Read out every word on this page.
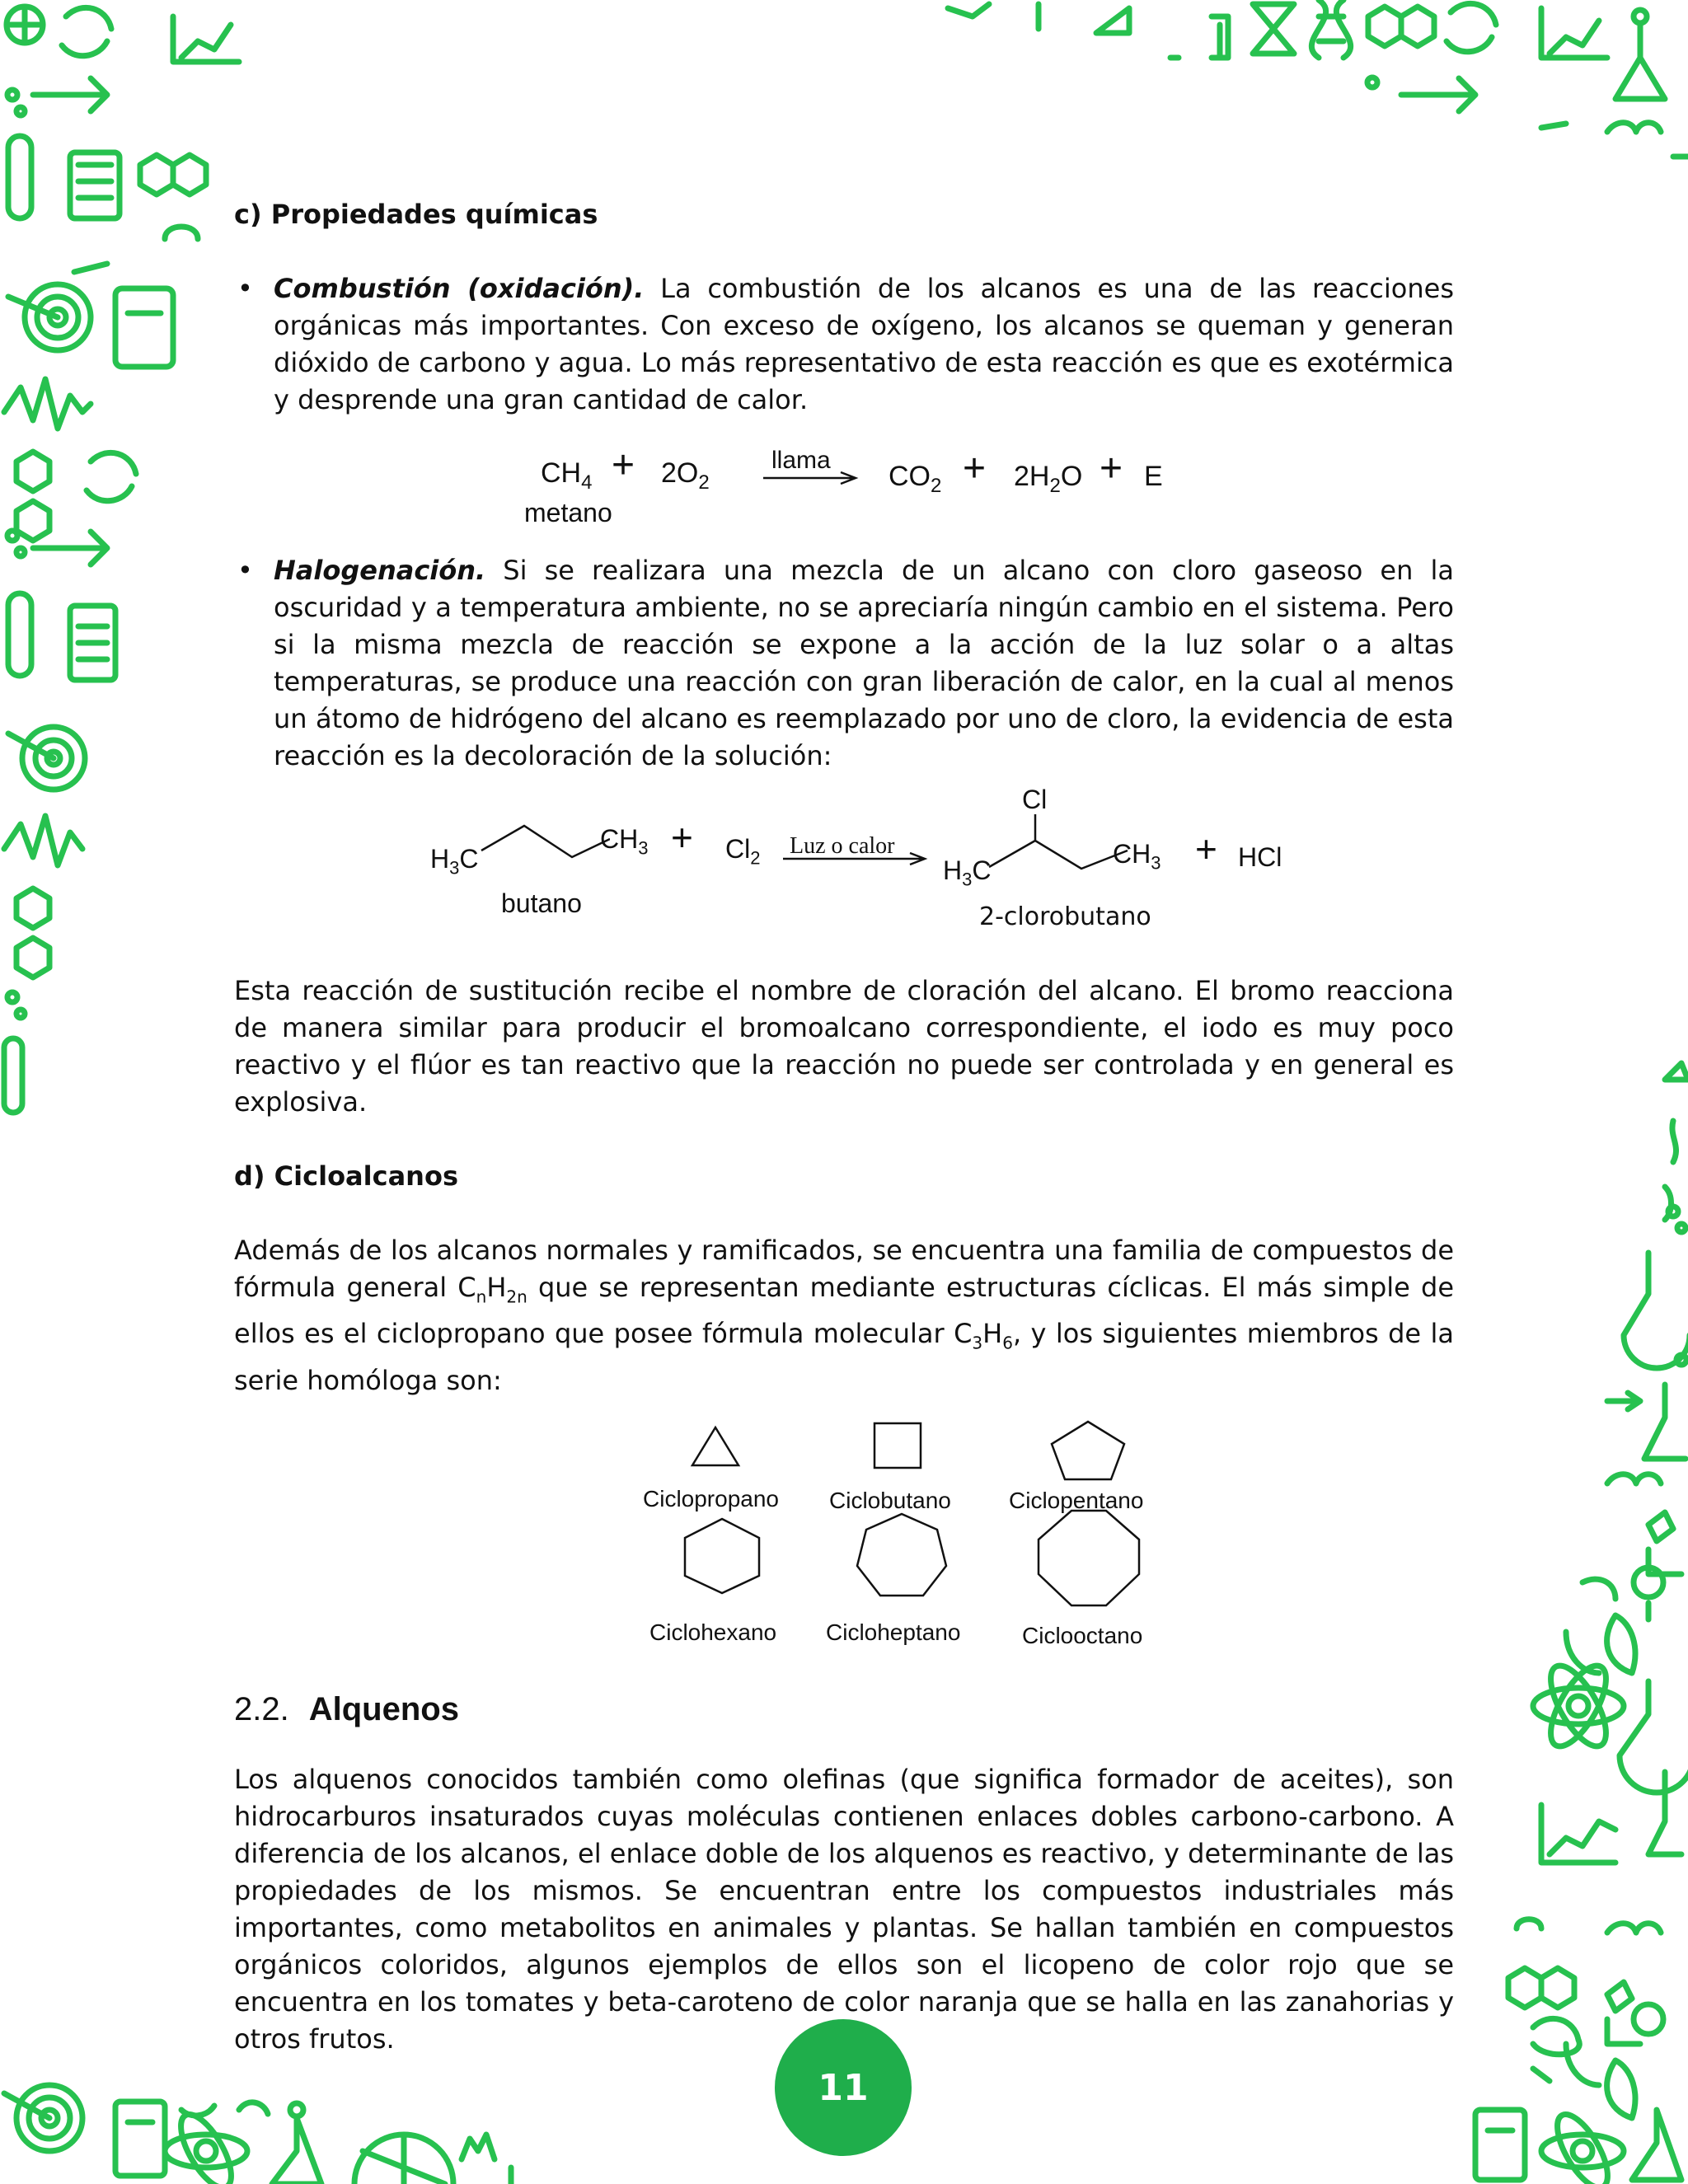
c) Propiedades químicas

• Combustión (oxidación). La combustión de los alcanos es una de las reacciones orgánicas más importantes. Con exceso de oxígeno, los alcanos se queman y generan dióxido de carbono y agua. Lo más representativo de esta reacción es que es exotérmica y desprende una gran cantidad de calor.
$CH_4 + 2O_2$
llama
→ $CO_2 + 2H_2O + E$
metano
• Halogenación. Si se realizara una mezcla de un alcano con cloro gaseoso en la oscuridad y a temperatura ambiente, no se apreciaría ningún cambio en el sistema. Pero si la misma mezcla de reacción se expone a la acción de la luz solar o a altas temperaturas, se produce una reacción con gran liberación de calor, en la cual al menos un átomo de hidrógeno del alcano es reemplazado por uno de cloro, la evidencia de esta reacción es la decoloración de la solución:
$H_3C$
$CH_3 + Cl_2$ Luz o calor
$H_3C$
Cl
$CH_3$ + HCl
butano	2-clorobutano

Esta reacción de sustitución recibe el nombre de cloración del alcano. El bromo reacciona de manera similar para producir el bromoalcano correspondiente, el iodo es muy poco reactivo y el flúor es tan reactivo que la reacción no puede ser controlada y en general es explosiva.

d) Cicloalcanos

Además de los alcanos normales y ramificados, se encuentra una familia de compuestos de fórmula general $C_nH_{2n}$ que se representan mediante estructuras cíclicas. El más simple de ellos es el ciclopropano que posee fórmula molecular $C_3H_6$, y los siguientes miembros de la serie homóloga son:

Ciclopropano Ciclobutano	Ciclopentano
Ciclohexano Cicloheptano	Ciclooctano
2.2. Alquenos

Los alquenos conocidos también como olefinas (que significa formador de aceites), son hidrocarburos insaturados cuyas moléculas contienen enlaces dobles carbono-carbono. A diferencia de los alcanos, el enlace doble de los alquenos es reactivo, y determinante de las propiedades de los mismos. Se encuentran entre los compuestos industriales más importantes, como metabolitos en animales y plantas. Se hallan también en compuestos orgánicos coloridos, algunos ejemplos de ellos son el licopeno de color rojo que se encuentra en los tomates y beta-caroteno de color naranja que se halla en las zanahorias y otros frutos.

11
